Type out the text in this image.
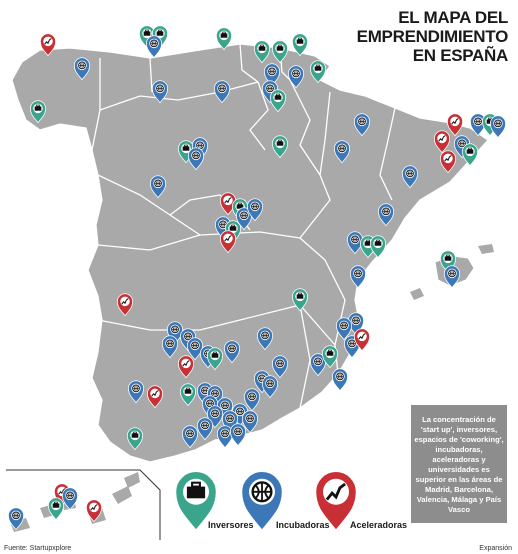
EL MAPA DEL EMPRENDIMIENTO
EN ESPAÑA
La concentración de 'start up', inversores, espacios de 'coworking', incubadoras, aceleradoras y universidades es superior en las áreas de Madrid, Barcelona, Valencia, Málaga y País Vasco
Inversores Incubadoras Aceleradoras
Fuente: Startupxplore	Expansión
